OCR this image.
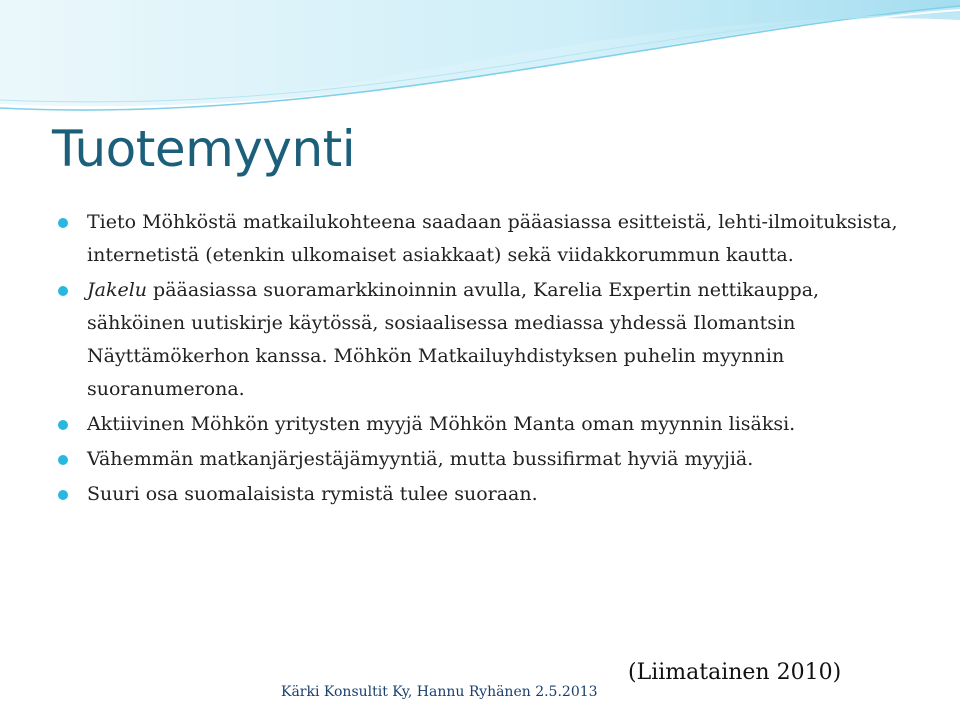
Tuotemyynti
Tieto Möhköstä matkailukohteena saadaan pääasiassa esitteistä, lehti-ilmoituksista, internetistä (etenkin ulkomaiset asiakkaat) sekä viidakkorummun kautta.
Jakelu pääasiassa suoramarkkinoinnin avulla, Karelia Expertin nettikauppa, sähköinen uutiskirje käytössä, sosiaalisessa mediassa yhdessä Ilomantsin Näyttämökerhon kanssa. Möhkön Matkailuyhdistyksen puhelin myynnin suoranumerona.
Aktiivinen Möhkön yritysten myyjä Möhkön Manta oman myynnin lisäksi.
Vähemmän matkanjärjestäjämyyntiä, mutta bussifirmat hyviä myyjiä.
Suuri osa suomalaisista rymistä tulee suoraan.
(Liimatainen 2010)
Kärki Konsultit Ky, Hannu Ryhänen 2.5.2013
